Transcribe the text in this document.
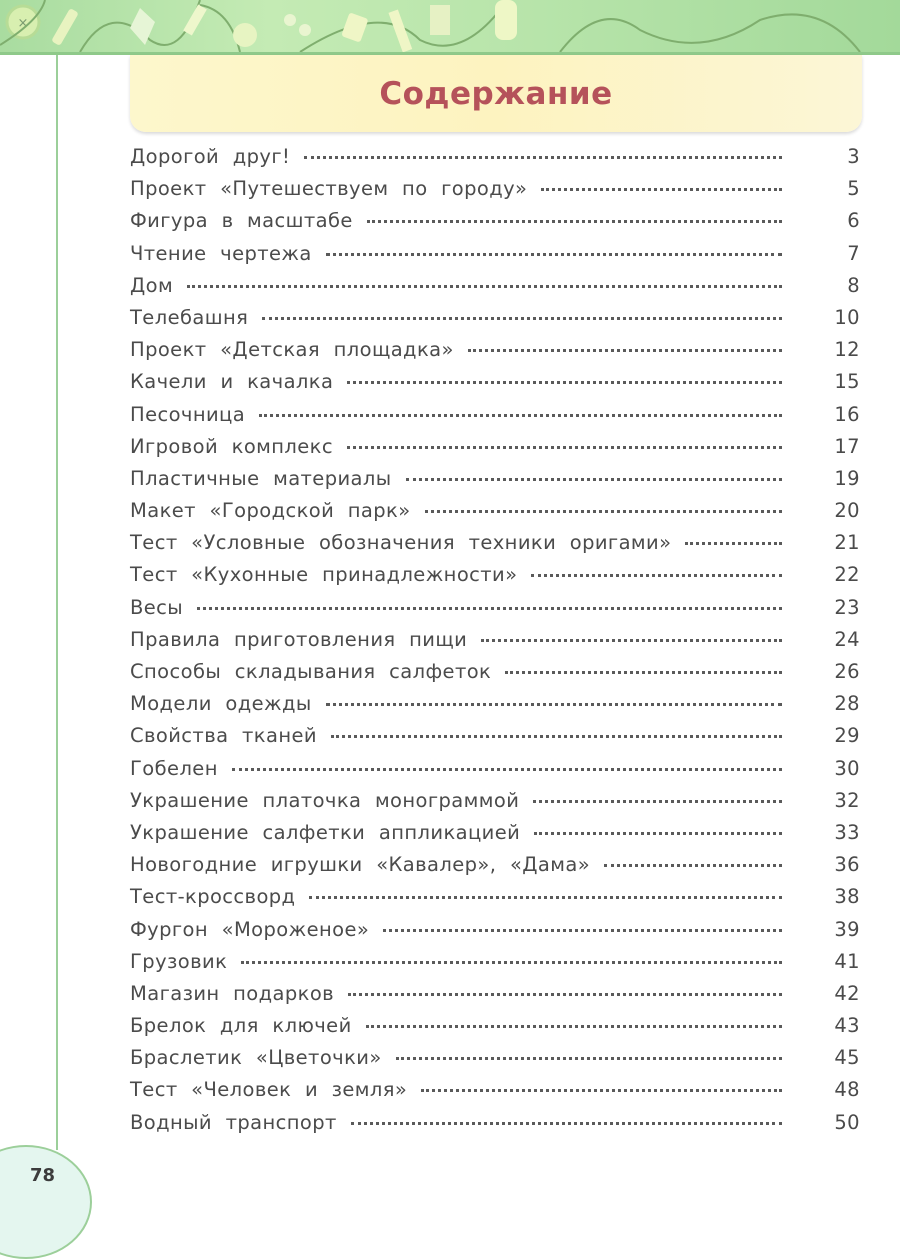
×
Содержание
Дорогой друг!	3
Проект «Путешествуем по городу»	5
Фигура в масштабе	6
Чтение чертежа	7
Дом	8
Телебашня	10
Проект «Детская площадка»	12
Качели и качалка	15
Песочница	16
Игровой комплекс	17
Пластичные материалы	19
Макет «Городской парк»	20
Тест «Условные обозначения техники оригами»	21
Тест «Кухонные принадлежности»	22
Весы	23
Правила приготовления пищи	24
Способы складывания салфеток	26
Модели одежды	28
Свойства тканей	29
Гобелен	30
Украшение платочка монограммой	32
Украшение салфетки аппликацией	33
Новогодние игрушки «Кавалер», «Дама»	36
Тест-кроссворд	38
Фургон «Мороженое»	39
Грузовик	41
Магазин подарков	42
Брелок для ключей	43
Браслетик «Цветочки»	45
Тест «Человек и земля»	48
Водный транспорт	50
78
